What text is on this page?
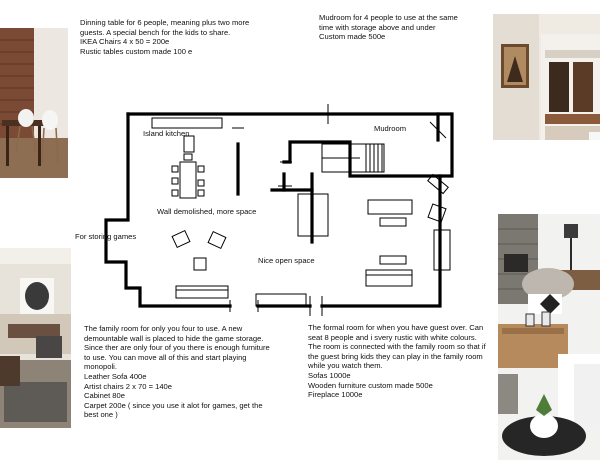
Island kitchen
Mudroom
Wall demolished, more space
For storing games
Nice open space
Dinning table for 6 people, meaning plus two more guests. A special bench for the kids to share.
IKEA Chairs 4 x 50 = 200e
Rustic tables custom made 100 e
Mudroom for 4 people to use at the same time with storage above and under
Custom made 500e
The family room for only you four to use. A new demountable wall is placed to hide the game storage. Since ther are only four of you there is enough furniture to use. You can move all of this and start playing monopoli.
Leather Sofa 400e
Artist chairs 2 x 70 = 140e
Cabinet 80e
Carpet 200e ( since you use it alot for games, get the best one )
The formal room for when you have guest over. Can seat 8 people and i svery rustic with white colours. The room is connected with the family room so that if the guest bring kids they can play in the family room while you watch them.
Sofas 1000e
Wooden furniture custom made 500e
Fireplace 1000e
